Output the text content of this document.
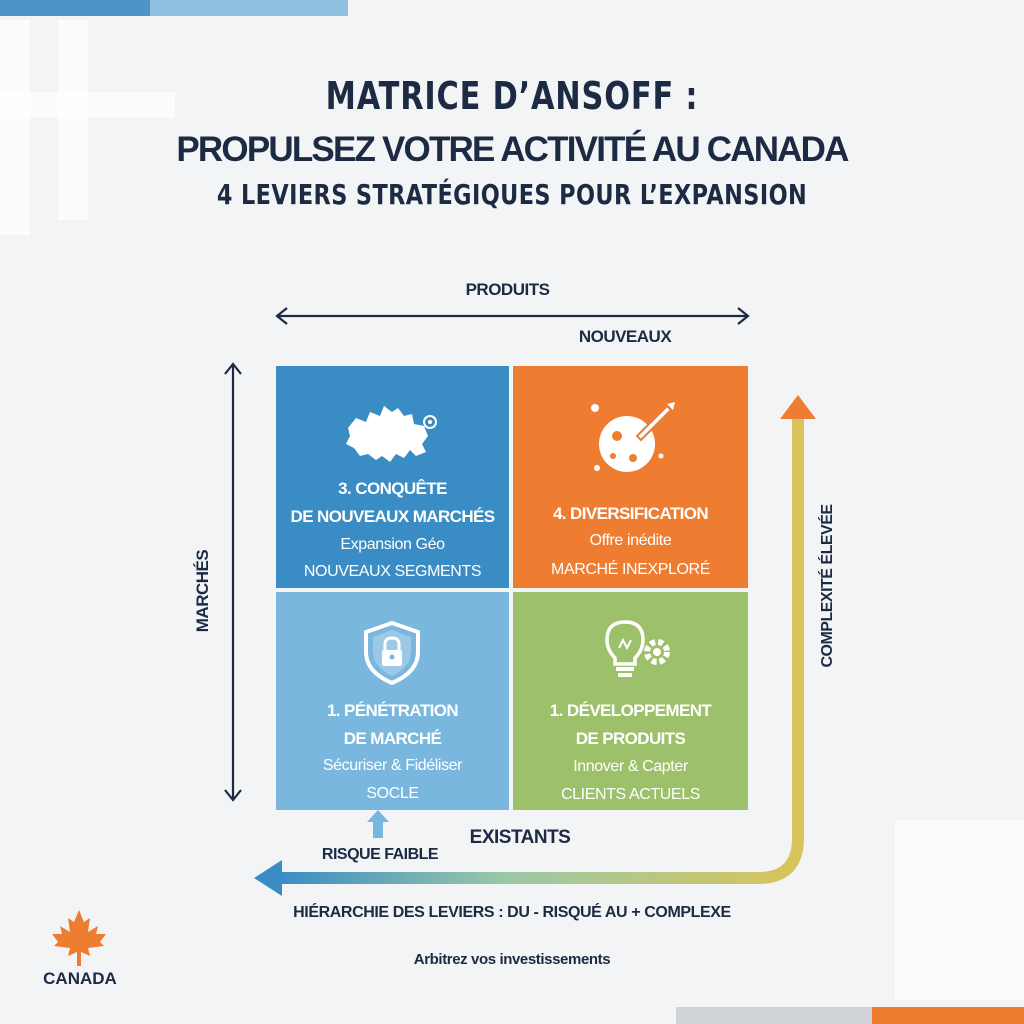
MATRICE D’ANSOFF :
PROPULSEZ VOTRE ACTIVITÉ AU CANADA
4 LEVIERS STRATÉGIQUES POUR L’EXPANSION
PRODUITS
NOUVEAUX
MARCHÉS
EXISTANTS
COMPLEXITÉ ÉLEVÉE
RISQUE FAIBLE
3. CONQUÊTE
DE NOUVEAUX MARCHÉS
Expansion Géo
NOUVEAUX SEGMENTS
4. DIVERSIFICATION
Offre inédite
MARCHÉ INEXPLORÉ
1. PÉNÉTRATION
DE MARCHÉ
Sécuriser & Fidéliser
SOCLE
1. DÉVELOPPEMENT
DE PRODUITS
Innover & Capter
CLIENTS ACTUELS
HIÉRARCHIE DES LEVIERS : DU - RISQUÉ AU + COMPLEXE
Arbitrez vos investissements
CANADA
